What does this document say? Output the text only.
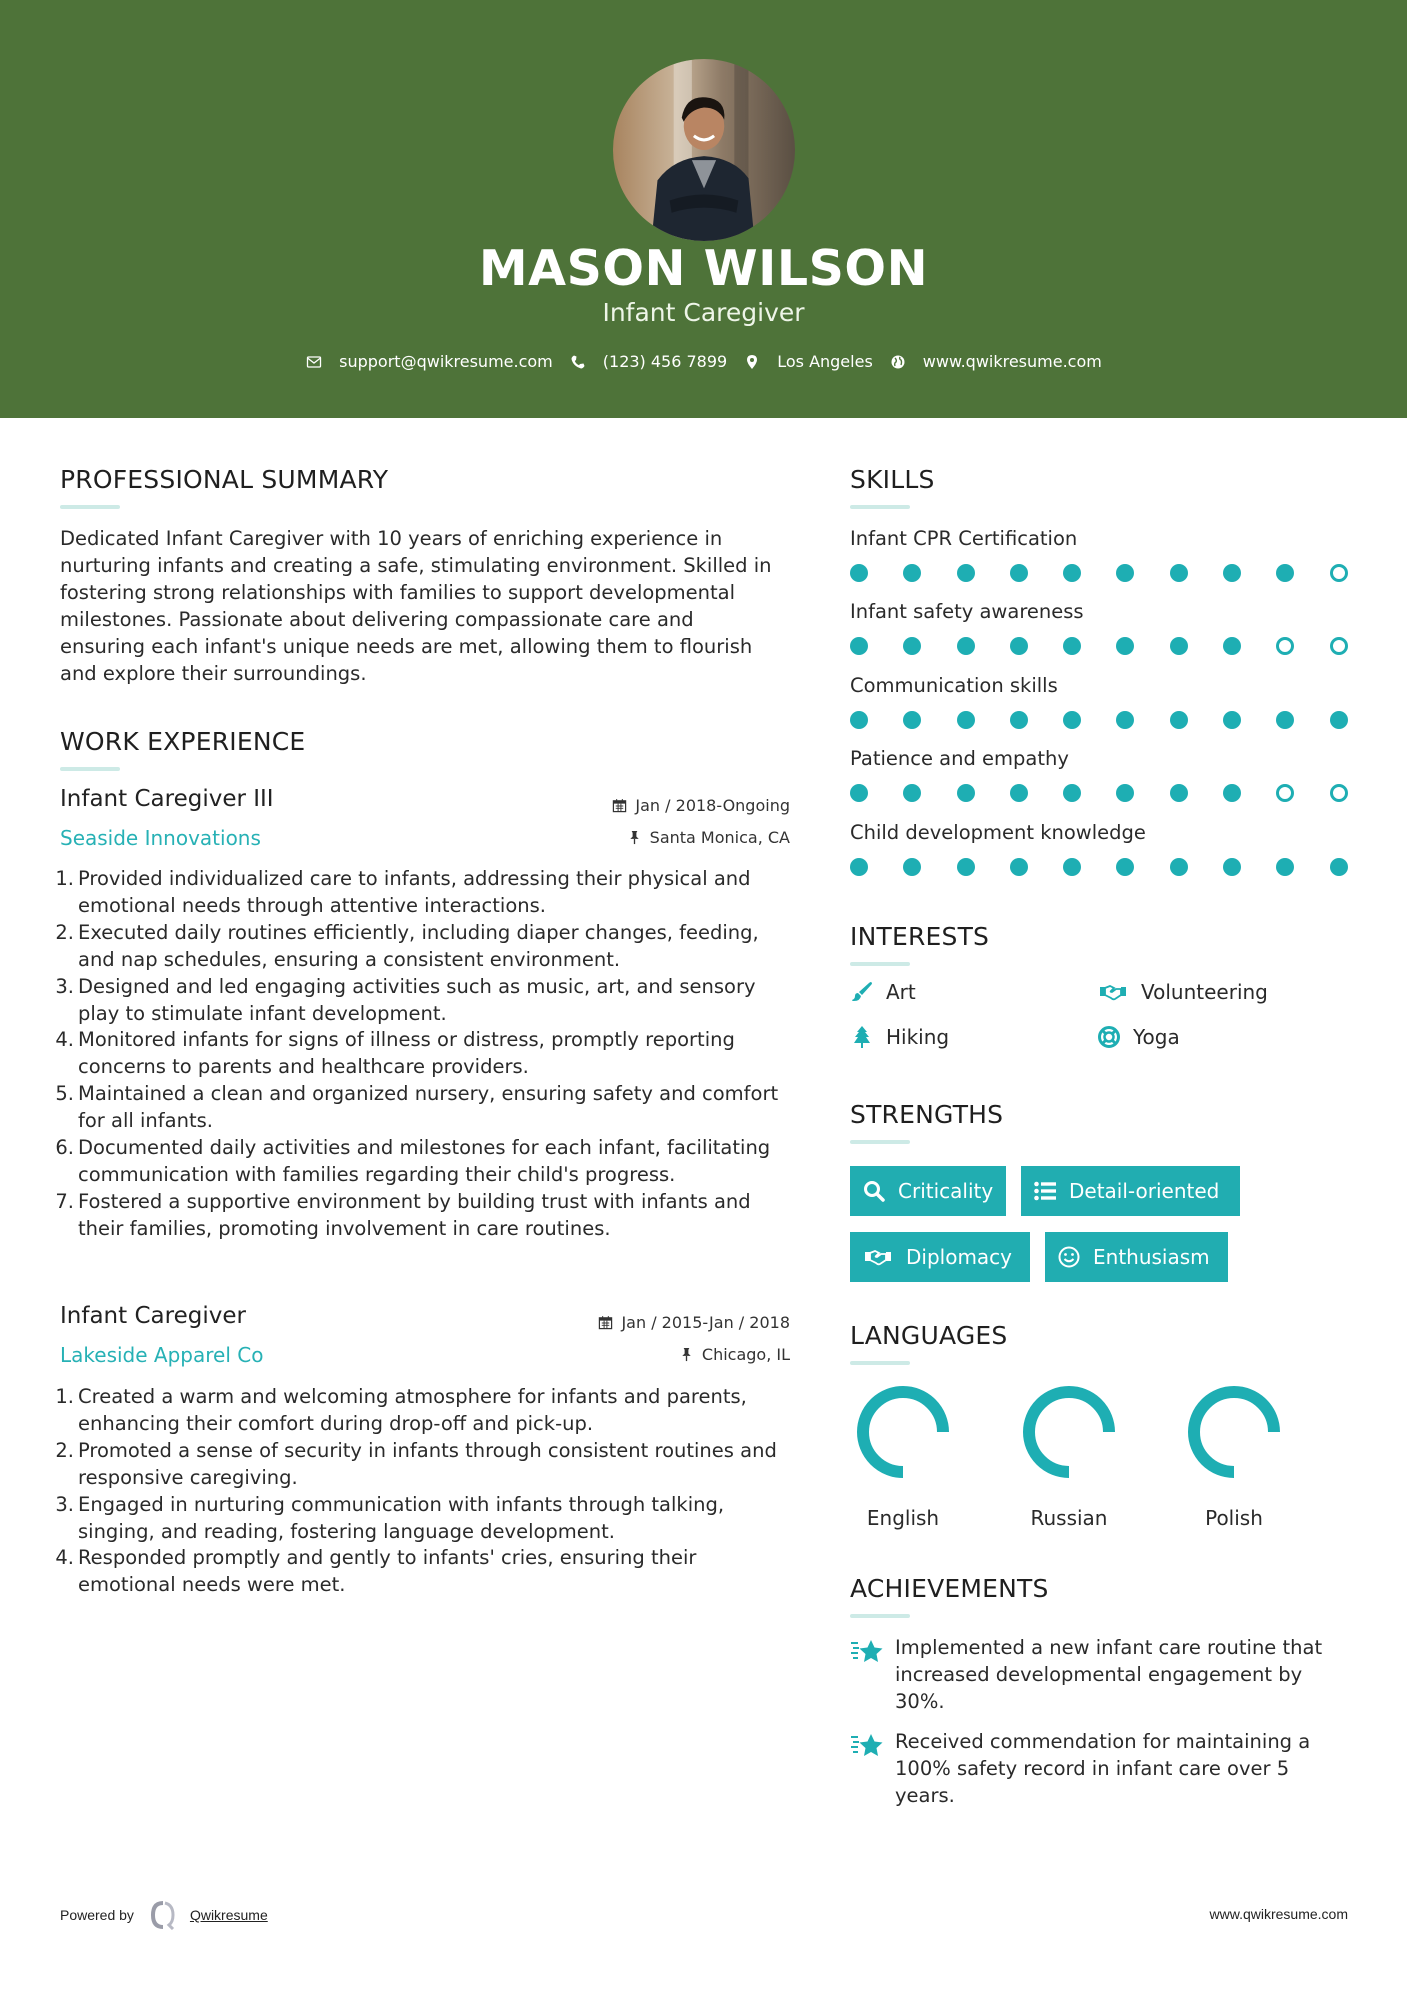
MASON WILSON
Infant Caregiver
support@qwikresume.com	(123) 456 7899	Los Angeles	www.qwikresume.com
PROFESSIONAL SUMMARY
Dedicated Infant Caregiver with 10 years of enriching experience in nurturing infants and creating a safe, stimulating environment. Skilled in fostering strong relationships with families to support developmental milestones. Passionate about delivering compassionate care and ensuring each infant's unique needs are met, allowing them to flourish and explore their surroundings.
WORK EXPERIENCE
Infant Caregiver III
Seaside Innovations
Jan / 2018-Ongoing
Santa Monica, CA
1. Provided individualized care to infants, addressing their physical and emotional needs through attentive interactions.
2. Executed daily routines efficiently, including diaper changes, feeding, and nap schedules, ensuring a consistent environment.
3. Designed and led engaging activities such as music, art, and sensory play to stimulate infant development.
4. Monitored infants for signs of illness or distress, promptly reporting concerns to parents and healthcare providers.
5. Maintained a clean and organized nursery, ensuring safety and comfort for all infants.
6. Documented daily activities and milestones for each infant, facilitating communication with families regarding their child's progress.
7. Fostered a supportive environment by building trust with infants and their families, promoting involvement in care routines.
Infant Caregiver
Lakeside Apparel Co
Jan / 2015-Jan / 2018
Chicago, IL
1. Created a warm and welcoming atmosphere for infants and parents, enhancing their comfort during drop-off and pick-up.
2. Promoted a sense of security in infants through consistent routines and responsive caregiving.
3. Engaged in nurturing communication with infants through talking, singing, and reading, fostering language development.
4. Responded promptly and gently to infants' cries, ensuring their emotional needs were met.
SKILLS
Infant CPR Certification
Infant safety awareness
Communication skills
Patience and empathy
Child development knowledge
INTERESTS
Art	Volunteering
Hiking	Yoga
STRENGTHS
Criticality	Detail-oriented
Diplomacy	Enthusiasm
LANGUAGES
English	Russian	Polish
ACHIEVEMENTS
Implemented a new infant care routine that increased developmental engagement by 30%.
Received commendation for maintaining a 100% safety record in infant care over 5 years.
Powered by	Qwikresume	www.qwikresume.com
